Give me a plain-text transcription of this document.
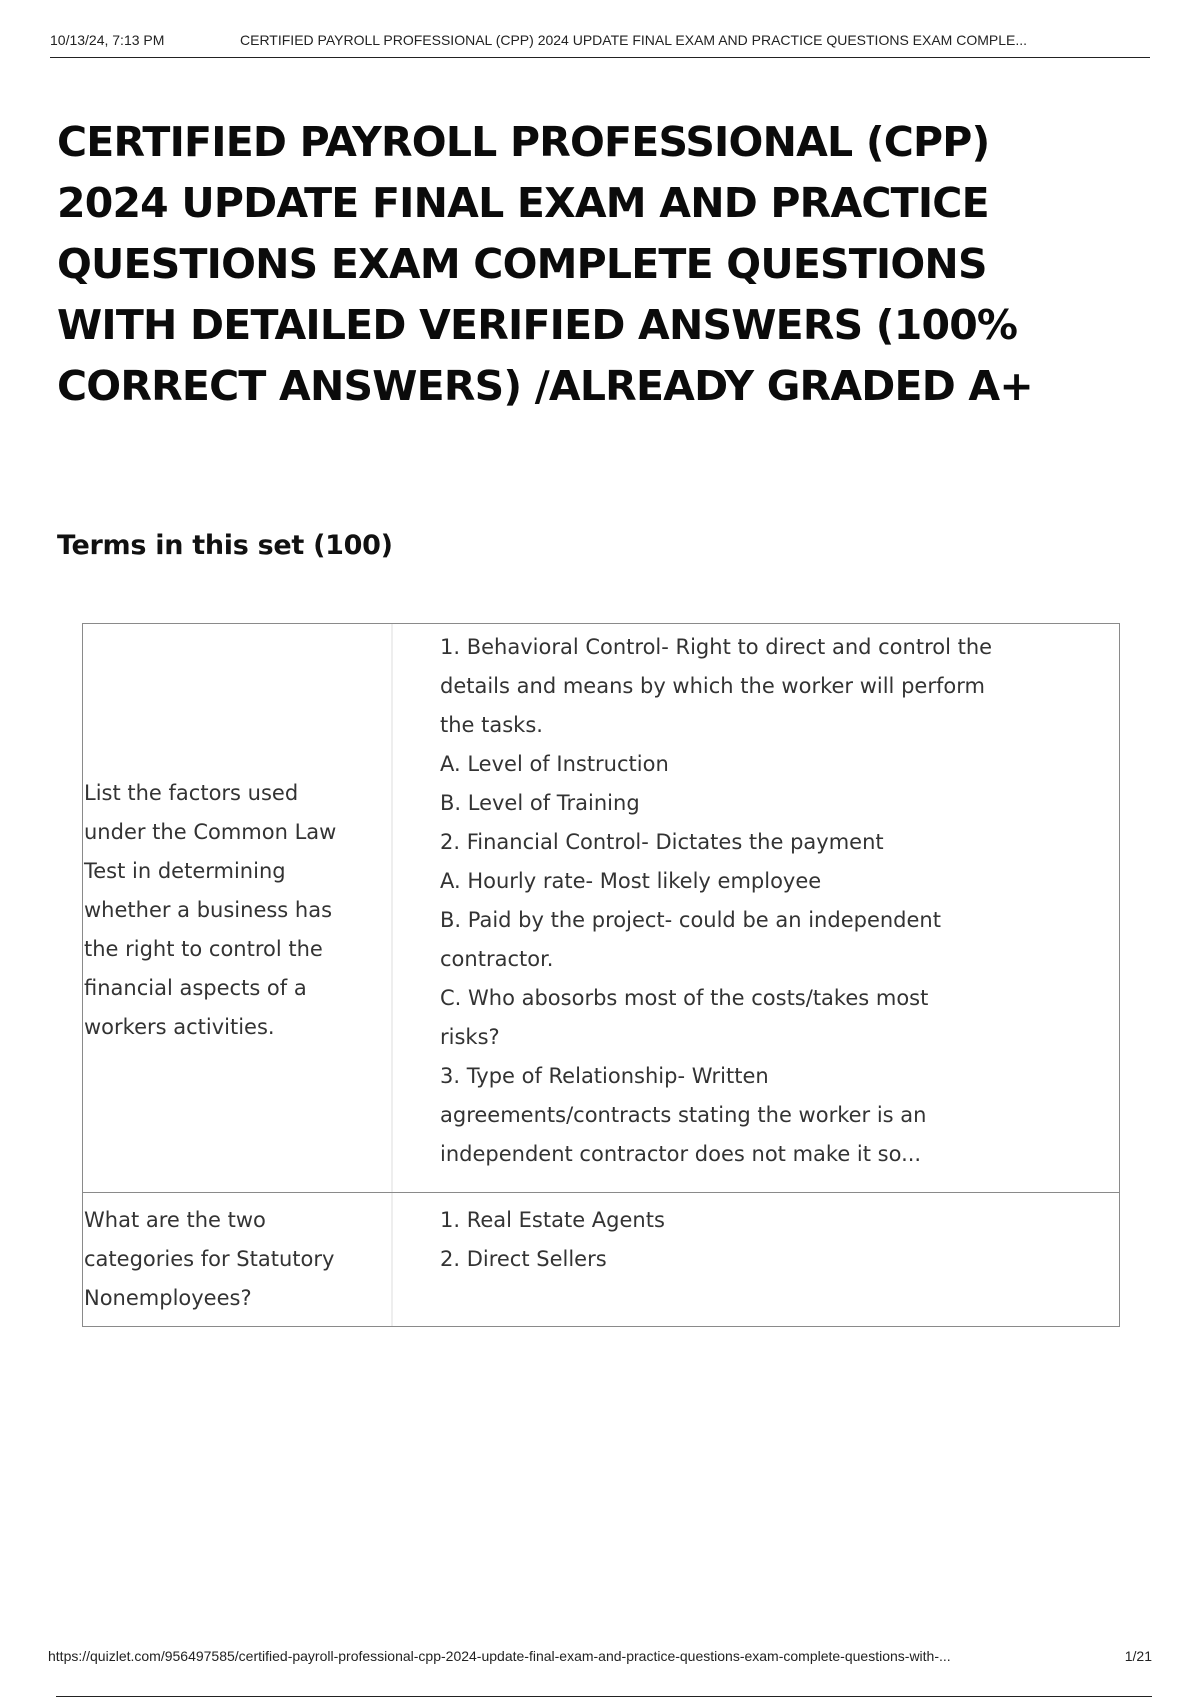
10/13/24, 7:13 PM	CERTIFIED PAYROLL PROFESSIONAL (CPP) 2024 UPDATE FINAL EXAM AND PRACTICE QUESTIONS EXAM COMPLE...
CERTIFIED PAYROLL PROFESSIONAL (CPP)
2024 UPDATE FINAL EXAM AND PRACTICE
QUESTIONS EXAM COMPLETE QUESTIONS
WITH DETAILED VERIFIED ANSWERS (100%
CORRECT ANSWERS) /ALREADY GRADED A+
Terms in this set (100)
List the factors used
under the Common Law
Test in determining
whether a business has
the right to control the
financial aspects of a
workers activities.
1. Behavioral Control- Right to direct and control the
details and means by which the worker will perform
the tasks.
A. Level of Instruction
B. Level of Training
2. Financial Control- Dictates the payment
A. Hourly rate- Most likely employee
B. Paid by the project- could be an independent
contractor.
C. Who abosorbs most of the costs/takes most
risks?
3. Type of Relationship- Written
agreements/contracts stating the worker is an
independent contractor does not make it so...
What are the two
categories for Statutory
Nonemployees?
1. Real Estate Agents
2. Direct Sellers
https://quizlet.com/956497585/certified-payroll-professional-cpp-2024-update-final-exam-and-practice-questions-exam-complete-questions-with-...	1/21
